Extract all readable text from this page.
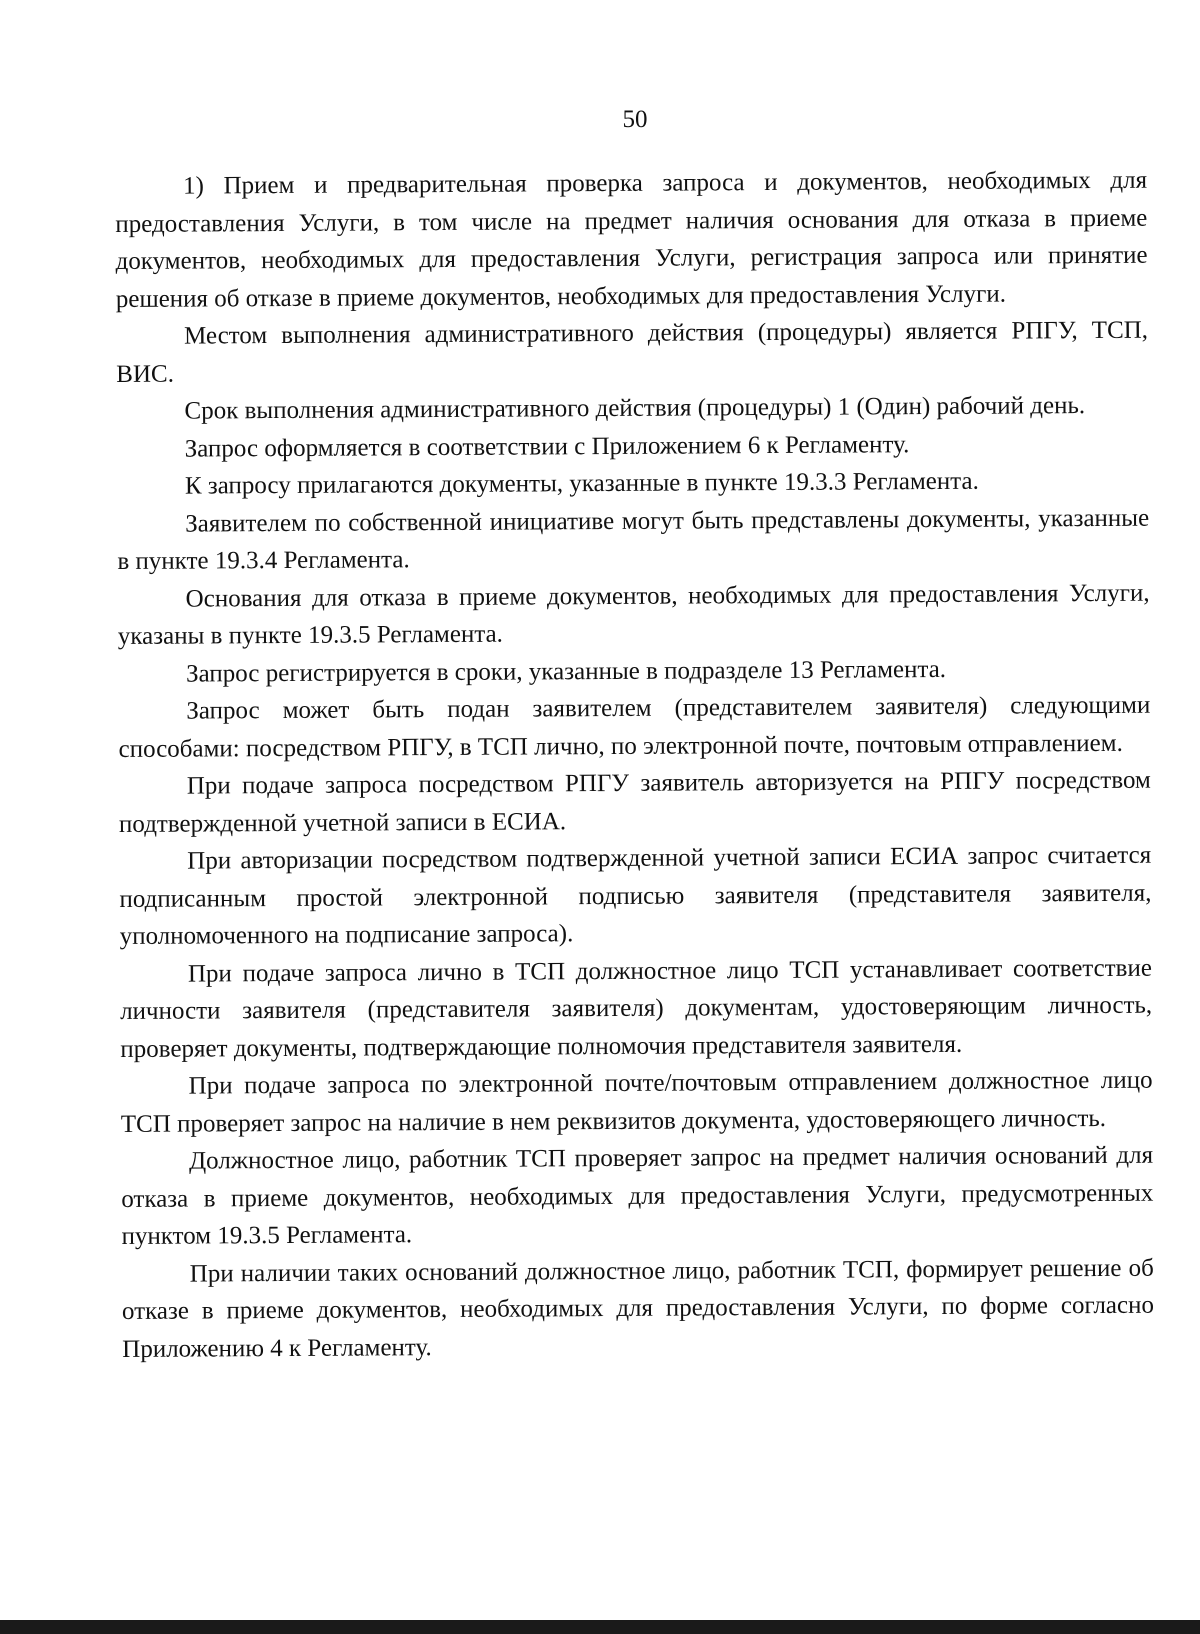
50

1) Прием и предварительная проверка запроса и документов, необходимых для предоставления Услуги, в том числе на предмет наличия основания для отказа в приеме документов, необходимых для предоставления Услуги, регистрация запроса или принятие решения об отказе в приеме документов, необходимых для предоставления Услуги.

Местом выполнения административного действия (процедуры) является РПГУ, ТСП, ВИС.

Срок выполнения административного действия (процедуры) 1 (Один) рабочий день.

Запрос оформляется в соответствии с Приложением 6 к Регламенту.

К запросу прилагаются документы, указанные в пункте 19.3.3 Регламента.

Заявителем по собственной инициативе могут быть представлены документы, указанные в пункте 19.3.4 Регламента.

Основания для отказа в приеме документов, необходимых для предоставления Услуги, указаны в пункте 19.3.5 Регламента.

Запрос регистрируется в сроки, указанные в подразделе 13 Регламента.

Запрос может быть подан заявителем (представителем заявителя) следующими способами: посредством РПГУ, в ТСП лично, по электронной почте, почтовым отправлением.

При подаче запроса посредством РПГУ заявитель авторизуется на РПГУ посредством подтвержденной учетной записи в ЕСИА.

При авторизации посредством подтвержденной учетной записи ЕСИА запрос считается подписанным простой электронной подписью заявителя (представителя заявителя, уполномоченного на подписание запроса).

При подаче запроса лично в ТСП должностное лицо ТСП устанавливает соответствие личности заявителя (представителя заявителя) документам, удостоверяющим личность, проверяет документы, подтверждающие полномочия представителя заявителя.

При подаче запроса по электронной почте/почтовым отправлением должностное лицо ТСП проверяет запрос на наличие в нем реквизитов документа, удостоверяющего личность.

Должностное лицо, работник ТСП проверяет запрос на предмет наличия оснований для отказа в приеме документов, необходимых для предоставления Услуги, предусмотренных пунктом 19.3.5 Регламента.

При наличии таких оснований должностное лицо, работник ТСП, формирует решение об отказе в приеме документов, необходимых для предоставления Услуги, по форме согласно Приложению 4 к Регламенту.
